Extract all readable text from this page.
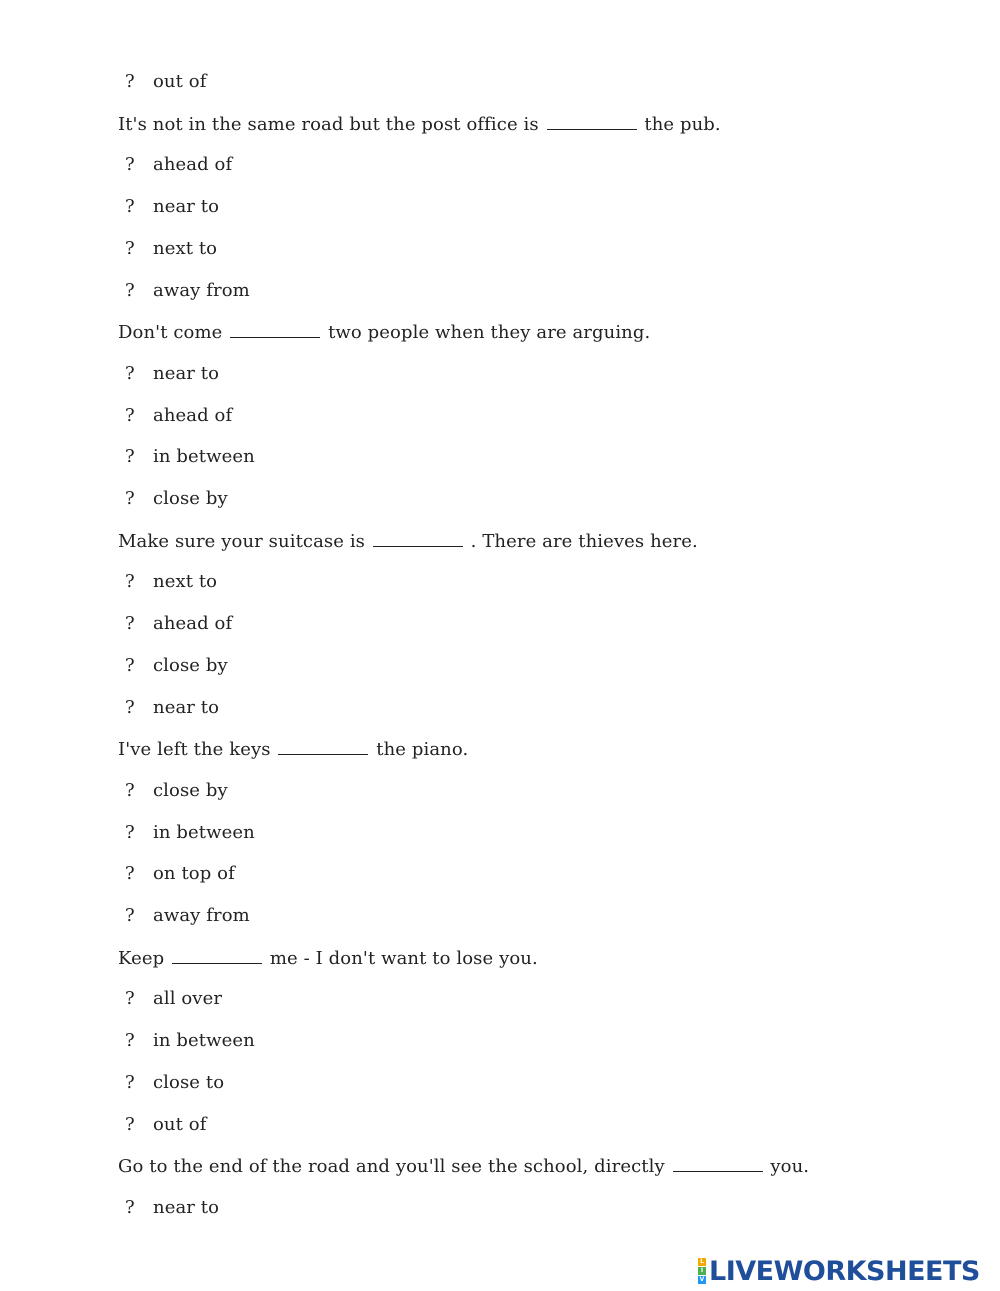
? out of
It's not in the same road but the post office is	the pub.
? ahead of
? near to
? next to
? away from
Don't come	two people when they are arguing.
? near to
? ahead of
? in between
? close by
Make sure your suitcase is	. There are thieves here.
? next to
? ahead of
? close by
? near to
I've left the keys	the piano.
? close by
? in between
? on top of
? away from
Keep	me - I don't want to lose you.
? all over
? in between
? close to
? out of
Go to the end of the road and you'll see the school, directly	you.
? near to
L
I
V LIVEWORKSHEETS
